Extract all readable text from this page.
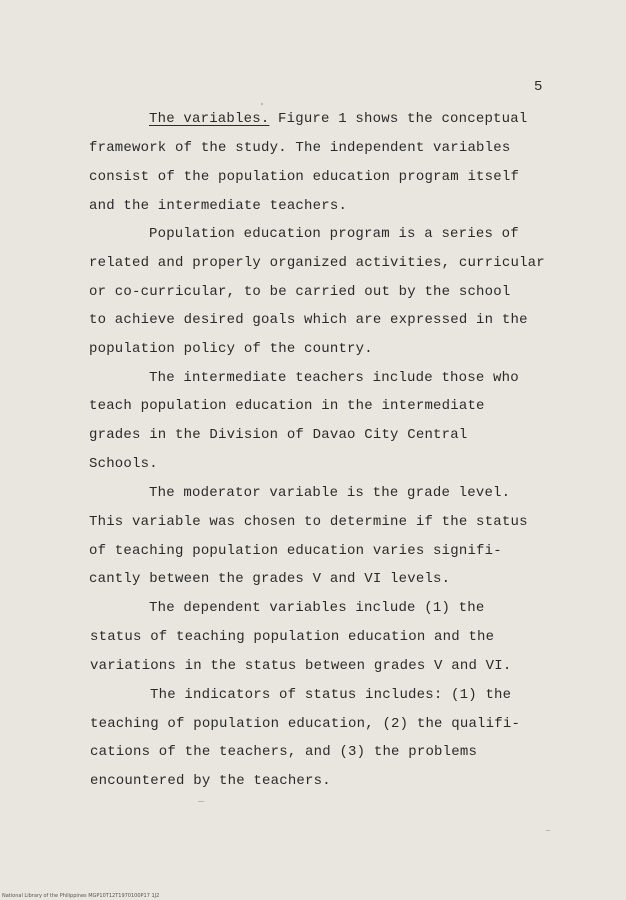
5
The variables. Figure 1 shows the conceptual
framework of the study. The independent variables
consist of the population education program itself
and the intermediate teachers.
Population education program is a series of
related and properly organized activities, curricular
or co-curricular, to be carried out by the school
to achieve desired goals which are expressed in the
population policy of the country.
The intermediate teachers include those who
teach population education in the intermediate
grades in the Division of Davao City Central
Schools.
The moderator variable is the grade level.
This variable was chosen to determine if the status
of teaching population education varies signifi-
cantly between the grades V and VI levels.
The dependent variables include (1) the
status of teaching population education and the
variations in the status between grades V and VI.
The indicators of status includes: (1) the
teaching of population education, (2) the qualifi-
cations of the teachers, and (3) the problems
encountered by the teachers.
National Library of the Philippines MGP10T12T1970100P17 1J2
